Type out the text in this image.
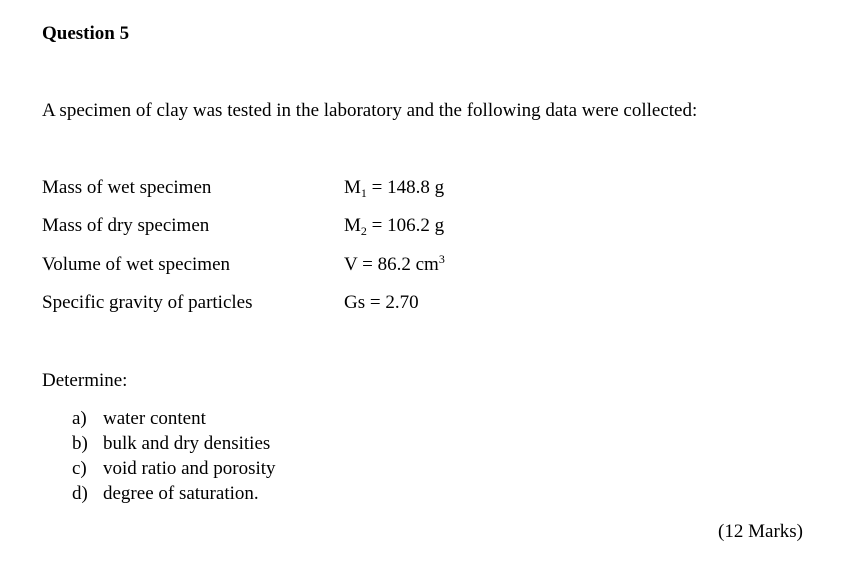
Question 5
A specimen of clay was tested in the laboratory and the following data were collected:
Mass of wet specimen	$M_1 = 148.8$ g
Mass of dry specimen	$M_2 = 106.2$ g
Volume of wet specimen	V = 86.2 $cm^3$
Specific gravity of particles	Gs = 2.70
Determine:
a) water content
b) bulk and dry densities
c) void ratio and porosity
d) degree of saturation.
(12 Marks)
